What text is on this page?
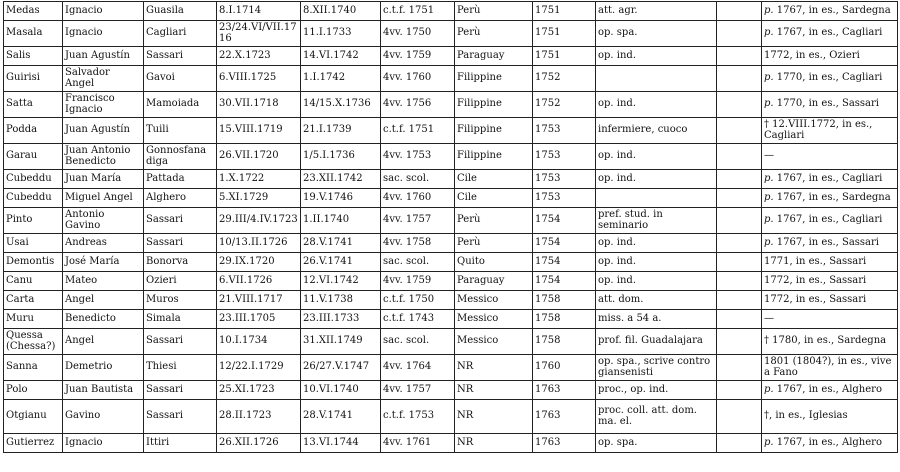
Medas	Ignacio	Guasila	8.I.1714	8.XII.1740	c.t.f. 1751	Perù	1751	att. agr.		p. 1767, in es., Sardegna
Masala	Ignacio	Cagliari	23/24.VI/VII.1716	11.I.1733	4vv. 1750	Perù	1751	op. spa.		p. 1767, in es., Cagliari
Salis	Juan Agustín	Sassari	22.X.1723	14.VI.1742	4vv. 1759	Paraguay	1751	op. ind.		1772, in es., Ozieri
Guirisi	Salvador Angel	Gavoi	6.VIII.1725	1.I.1742	4vv. 1760	Filippine	1752			p. 1770, in es., Cagliari
Satta	Francisco Ignacio	Mamoiada	30.VII.1718	14/15.X.1736	4vv. 1756	Filippine	1752	op. ind.		p. 1770, in es., Sassari
Podda	Juan Agustín	Tuili	15.VIII.1719	21.I.1739	c.t.f. 1751	Filippine	1753	infermiere, cuoco		† 12.VIII.1772, in es., Cagliari
Garau	Juan Antonio Benedicto	Gonnosfana diga	26.VII.1720	1/5.I.1736	4vv. 1753	Filippine	1753	op. ind.		—
Cubeddu	Juan María	Pattada	1.X.1722	23.XII.1742	sac. scol.	Cile	1753	op. ind.		p. 1767, in es., Cagliari
Cubeddu	Miguel Angel	Alghero	5.XI.1729	19.V.1746	4vv. 1760	Cile	1753			p. 1767, in es., Sardegna
Pinto	Antonio Gavino	Sassari	29.III/4.IV.1723	1.II.1740	4vv. 1757	Perù	1754	pref. stud. in seminario		p. 1767, in es., Cagliari
Usai	Andreas	Sassari	10/13.II.1726	28.V.1741	4vv. 1758	Perù	1754	op. ind.		p. 1767, in es., Sassari
Demontis	José María	Bonorva	29.IX.1720	26.V.1741	sac. scol.	Quito	1754	op. ind.		1771, in es., Sassari
Canu	Mateo	Ozieri	6.VII.1726	12.VI.1742	4vv. 1759	Paraguay	1754	op. ind.		1772, in es., Sassari
Carta	Angel	Muros	21.VIII.1717	11.V.1738	c.t.f. 1750	Messico	1758	att. dom.		1772, in es., Sassari
Muru	Benedicto	Simala	23.III.1705	23.III.1733	c.t.f. 1743	Messico	1758	miss. a 54 a.		—
Quessa (Chessa?)	Angel	Sassari	10.I.1734	31.XII.1749	sac. scol.	Messico	1758	prof. fil. Guadalajara		† 1780, in es., Sardegna
Sanna	Demetrio	Thiesi	12/22.I.1729	26/27.V.1747	4vv. 1764	NR	1760	op. spa., scrive contro giansenisti		1801 (1804?), in es., vive a Fano
Polo	Juan Bautista	Sassari	25.XI.1723	10.VI.1740	4vv. 1757	NR	1763	proc., op. ind.		p. 1767, in es., Alghero
Otgianu	Gavino	Sassari	28.II.1723	28.V.1741	c.t.f. 1753	NR	1763	proc. coll. att. dom. ma. el.		†, in es., Iglesias
Gutierrez	Ignacio	Ittiri	26.XII.1726	13.VI.1744	4vv. 1761	NR	1763	op. spa.		p. 1767, in es., Alghero
